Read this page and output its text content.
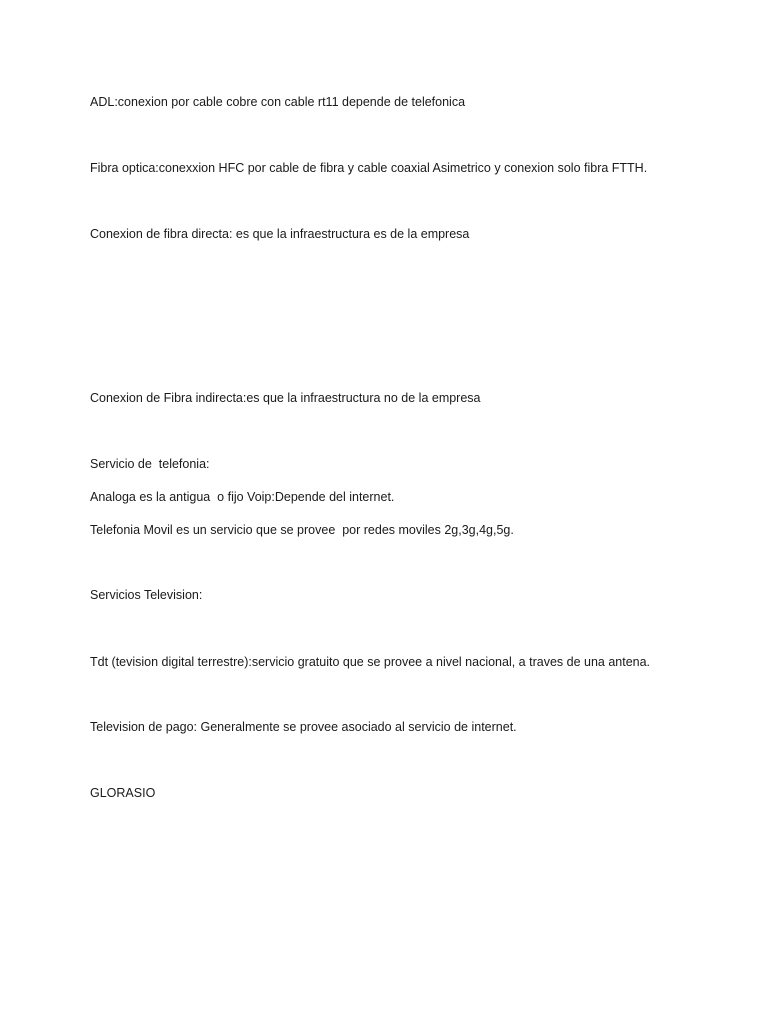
ADL:conexion por cable cobre con cable rt11 depende de telefonica
Fibra optica:conexxion HFC por cable de fibra y cable coaxial Asimetrico y conexion solo fibra FTTH.
Conexion de fibra directa: es que la infraestructura es de la empresa
Conexion de Fibra indirecta:es que la infraestructura no de la empresa
Servicio de  telefonia:
Analoga es la antigua  o fijo Voip:Depende del internet.
Telefonia Movil es un servicio que se provee  por redes moviles 2g,3g,4g,5g.
Servicios Television:
Tdt (tevision digital terrestre):servicio gratuito que se provee a nivel nacional, a traves de una antena.
Television de pago: Generalmente se provee asociado al servicio de internet.
GLORASIO
